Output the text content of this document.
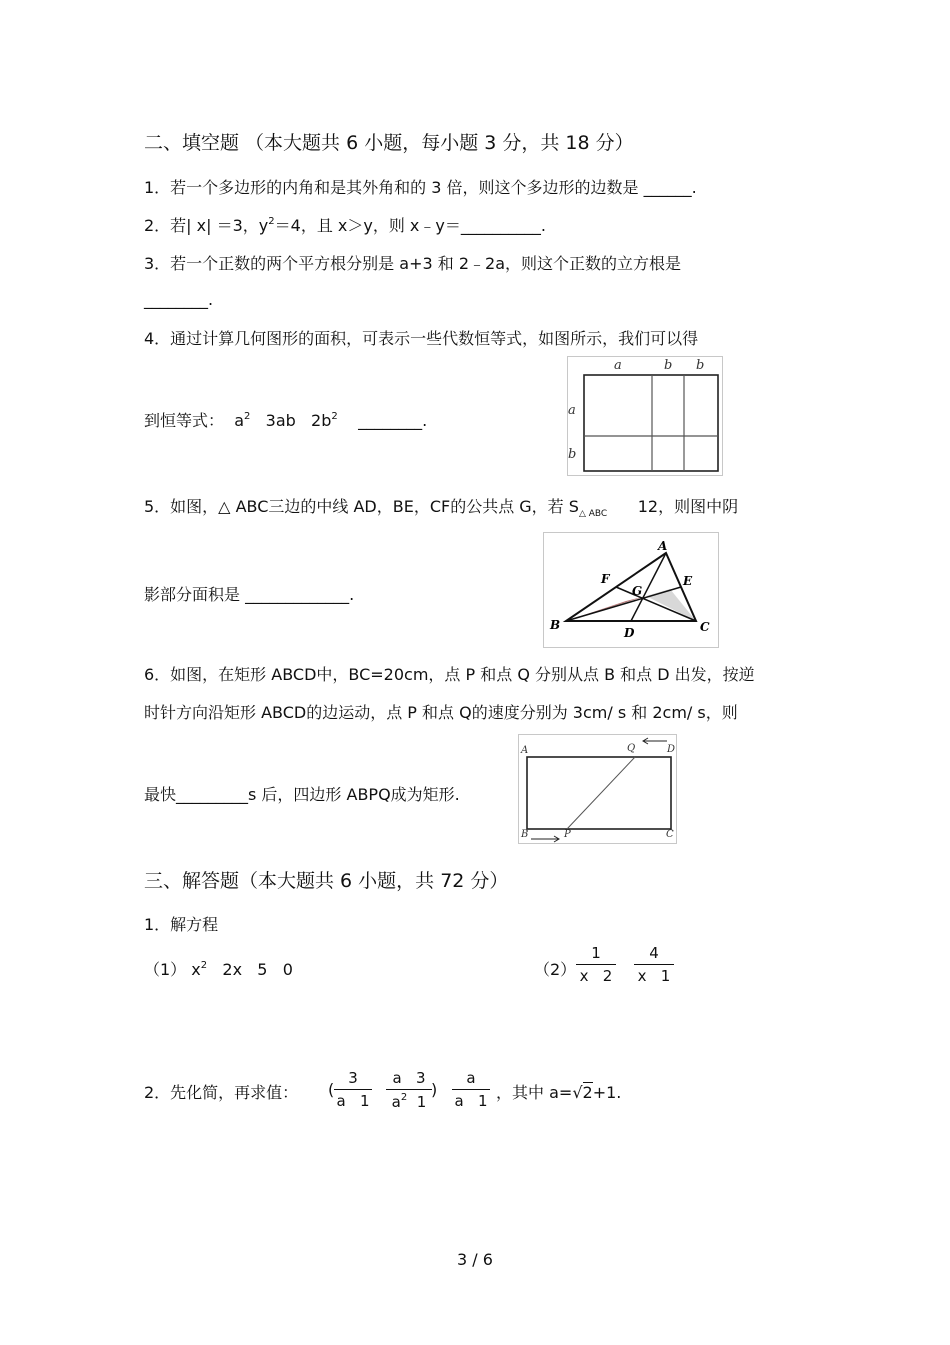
二、填空题 （本大题共 6 小题，每小题 3 分，共 18 分）
1．若一个多边形的内角和是其外角和的 3 倍，则这个多边形的边数是 ______.
2．若| x| ＝3，$y^2=4$，且 x＞y，则 x﹣y＝__________.
3．若一个正数的两个平方根分别是 a+3 和 2﹣2a，则这个正数的立方根是
________.
4．通过计算几何图形的面积，可表示一些代数恒等式，如图所示，我们可以得
到恒等式： $a^2$ 3ab   $2b^2$ ________.
a	b b
a
b
5．如图，△ ABC三边的中线 AD，BE，CF的公共点 G，若 $S_{\triangle ABC}$ 12，则图中阴
影部分面积是 _____________.
A
B	C
D
E
F
G
6．如图，在矩形 ABCD中，BC=20cm，点 P 和点 Q 分别从点 B 和点 D 出发，按逆
时针方向沿矩形 ABCD的边运动，点 P 和点 Q的速度分别为 3cm/ s 和 2cm/ s，则
最快_________s 后，四边形 ABPQ成为矩形.
A
B	C
D
P
Q
三、解答题（本大题共 6 小题，共 72 分）
1．解方程
（1） $x^2$ 2x   5   0	（2）
1
x   2
4
x   1
2．先化简，再求值： (
3
a   1
a   3
$a^2$  1
)
a
a   1 ，其中 a=√2+1.
3 / 6
